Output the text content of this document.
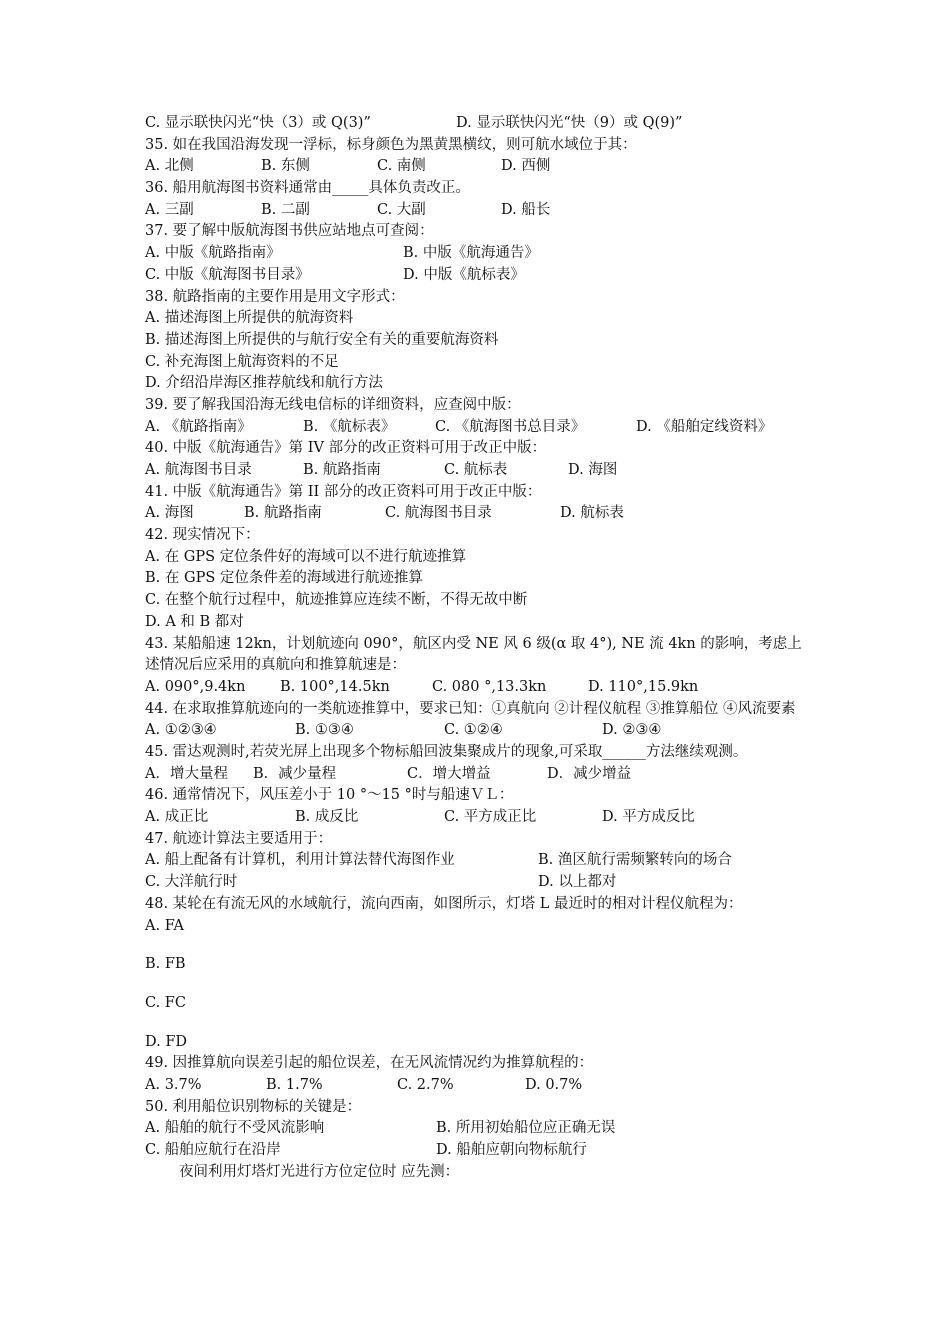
C. 显示联快闪光“快（3）或 Q(3)”	D. 显示联快闪光“快（9）或 Q(9)”
35. 如在我国沿海发现一浮标，标身颜色为黑黄黑横纹，则可航水域位于其：
A. 北侧	B. 东侧	C. 南侧	D. 西侧
36. 船用航海图书资料通常由_____具体负责改正。
A. 三副	B. 二副	C. 大副	D. 船长
37. 要了解中版航海图书供应站地点可查阅：
A. 中版《航路指南》	B. 中版《航海通告》
C. 中版《航海图书目录》	D. 中版《航标表》
38. 航路指南的主要作用是用文字形式：
A. 描述海图上所提供的航海资料
B. 描述海图上所提供的与航行安全有关的重要航海资料
C. 补充海图上航海资料的不足
D. 介绍沿岸海区推荐航线和航行方法
39. 要了解我国沿海无线电信标的详细资料，应查阅中版：
A. 《航路指南》	B. 《航标表》	C. 《航海图书总目录》	D. 《船舶定线资料》
40. 中版《航海通告》第 IV 部分的改正资料可用于改正中版：
A. 航海图书目录	B. 航路指南	C. 航标表	D. 海图
41. 中版《航海通告》第 II 部分的改正资料可用于改正中版：
A. 海图	B. 航路指南	C. 航海图书目录	D. 航标表
42. 现实情况下：
A. 在 GPS 定位条件好的海域可以不进行航迹推算
B. 在 GPS 定位条件差的海域进行航迹推算
C. 在整个航行过程中，航迹推算应连续不断，不得无故中断
D. A 和 B 都对
43. 某船船速 12kn，计划航迹向 090°，航区内受 NE 风 6 级(α 取 4°), NE 流 4kn 的影响，考虑上述情况后应采用的真航向和推算航速是：
A. 090°,9.4kn B. 100°,14.5kn	C. 080 °,13.3kn	D. 110°,15.9kn
44. 在求取推算航迹向的一类航迹推算中，要求已知：①真航向 ②计程仪航程 ③推算船位 ④风流要素
A. ①②③④	B. ①③④	C. ①②④	D. ②③④
45. 雷达观测时,若荧光屏上出现多个物标船回波集聚成片的现象,可采取______方法继续观测。
A．增大量程 B．减少量程	C．增大增益	D．减少增益
46. 通常情况下，风压差小于 10 °～15 °时与船速ＶＬ：
A. 成正比	B. 成反比	C. 平方成正比	D. 平方成反比
47. 航迹计算法主要适用于：
A. 船上配备有计算机，利用计算法替代海图作业	B. 渔区航行需频繁转向的场合
C. 大洋航行时	D. 以上都对
48. 某轮在有流无风的水域航行，流向西南，如图所示，灯塔 L 最近时的相对计程仪航程为：
A. FA
B. FB
C. FC
D. FD
49. 因推算航向误差引起的船位误差，在无风流情况约为推算航程的：
A. 3.7%	B. 1.7%	C. 2.7%	D. 0.7%
50. 利用船位识别物标的关键是：
A. 船舶的航行不受风流影响	B. 所用初始船位应正确无误
C. 船舶应航行在沿岸	D. 船舶应朝向物标航行
夜间利用灯塔灯光进行方位定位时 应先测：
